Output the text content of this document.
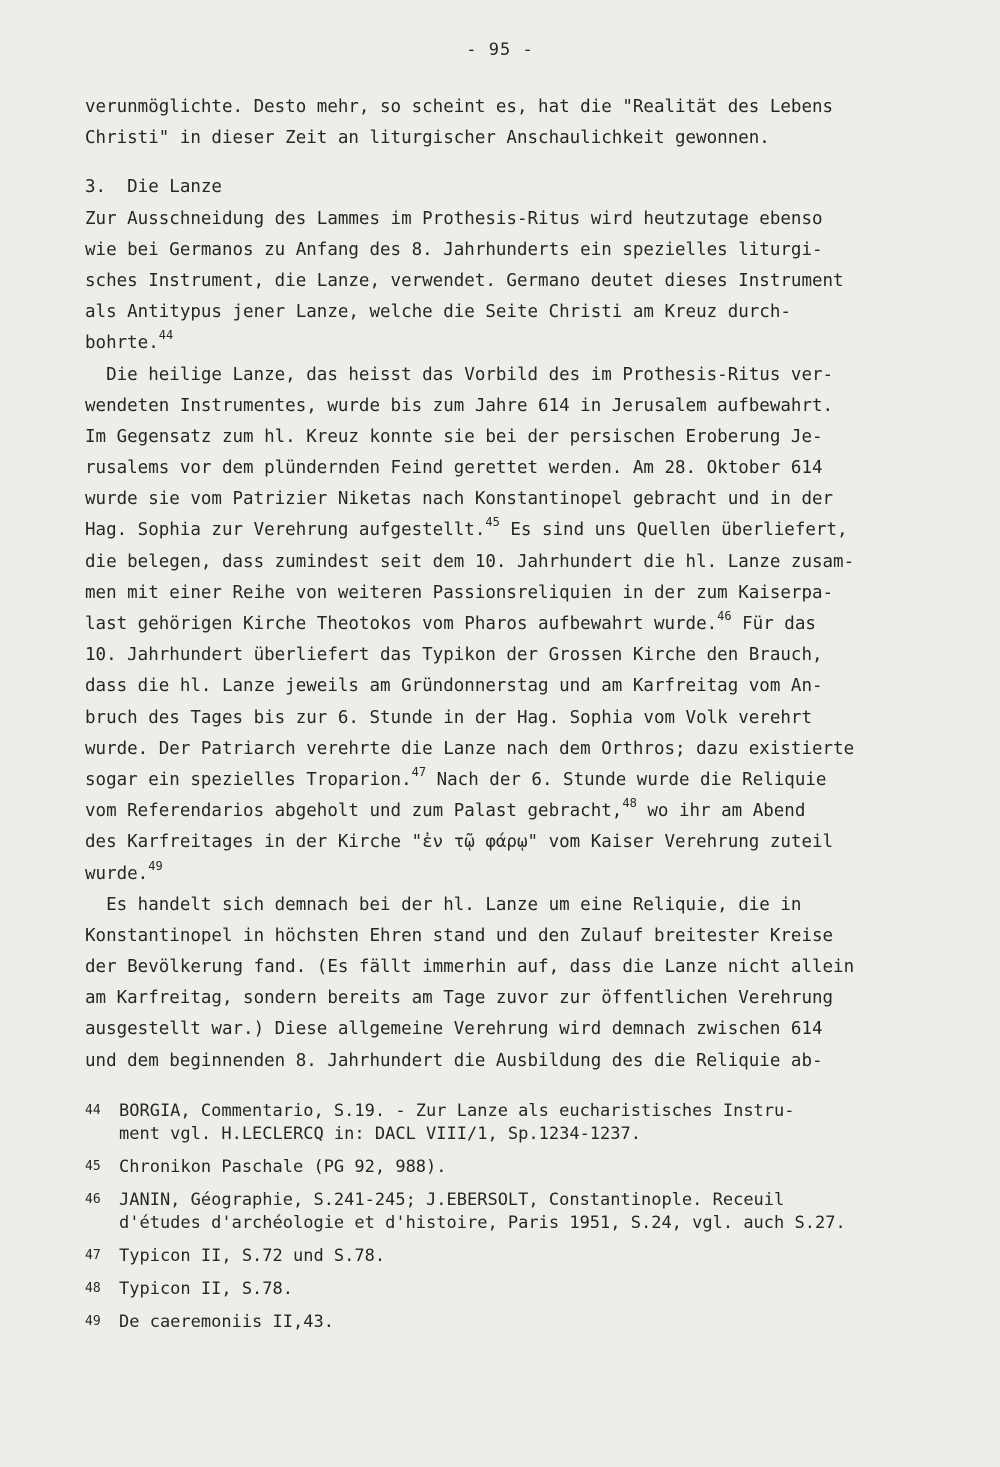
- 95 -
verunmöglichte. Desto mehr, so scheint es, hat die "Realität des Lebens
Christi" in dieser Zeit an liturgischer Anschaulichkeit gewonnen.
3.  Die Lanze
Zur Ausschneidung des Lammes im Prothesis-Ritus wird heutzutage ebenso
wie bei Germanos zu Anfang des 8. Jahrhunderts ein spezielles liturgi-
sches Instrument, die Lanze, verwendet. Germano deutet dieses Instrument
als Antitypus jener Lanze, welche die Seite Christi am Kreuz durch-
bohrte.$^{44}$
Die heilige Lanze, das heisst das Vorbild des im Prothesis-Ritus ver-
wendeten Instrumentes, wurde bis zum Jahre 614 in Jerusalem aufbewahrt.
Im Gegensatz zum hl. Kreuz konnte sie bei der persischen Eroberung Je-
rusalems vor dem plündernden Feind gerettet werden. Am 28. Oktober 614
wurde sie vom Patrizier Niketas nach Konstantinopel gebracht und in der
Hag. Sophia zur Verehrung aufgestellt.$^{45}$ Es sind uns Quellen überliefert,
die belegen, dass zumindest seit dem 10. Jahrhundert die hl. Lanze zusam-
men mit einer Reihe von weiteren Passionsreliquien in der zum Kaiserpa-
last gehörigen Kirche Theotokos vom Pharos aufbewahrt wurde.$^{46}$ Für das
10. Jahrhundert überliefert das Typikon der Grossen Kirche den Brauch,
dass die hl. Lanze jeweils am Gründonnerstag und am Karfreitag vom An-
bruch des Tages bis zur 6. Stunde in der Hag. Sophia vom Volk verehrt
wurde. Der Patriarch verehrte die Lanze nach dem Orthros; dazu existierte
sogar ein spezielles Troparion.$^{47}$ Nach der 6. Stunde wurde die Reliquie
vom Referendarios abgeholt und zum Palast gebracht,$^{48}$ wo ihr am Abend
des Karfreitages in der Kirche "ἐν τῷ φάρῳ" vom Kaiser Verehrung zuteil
wurde.$^{49}$
Es handelt sich demnach bei der hl. Lanze um eine Reliquie, die in
Konstantinopel in höchsten Ehren stand und den Zulauf breitester Kreise
der Bevölkerung fand. (Es fällt immerhin auf, dass die Lanze nicht allein
am Karfreitag, sondern bereits am Tage zuvor zur öffentlichen Verehrung
ausgestellt war.) Diese allgemeine Verehrung wird demnach zwischen 614
und dem beginnenden 8. Jahrhundert die Ausbildung des die Reliquie ab-
44 BORGIA, Commentario, S.19. - Zur Lanze als eucharistisches Instru-
ment vgl. H.LECLERCQ in: DACL VIII/1, Sp.1234-1237.
45 Chronikon Paschale (PG 92, 988).
46 JANIN, Géographie, S.241-245; J.EBERSOLT, Constantinople. Receuil
d'études d'archéologie et d'histoire, Paris 1951, S.24, vgl. auch S.27.
47 Typicon II, S.72 und S.78.
48 Typicon II, S.78.
49 De caeremoniis II,43.
